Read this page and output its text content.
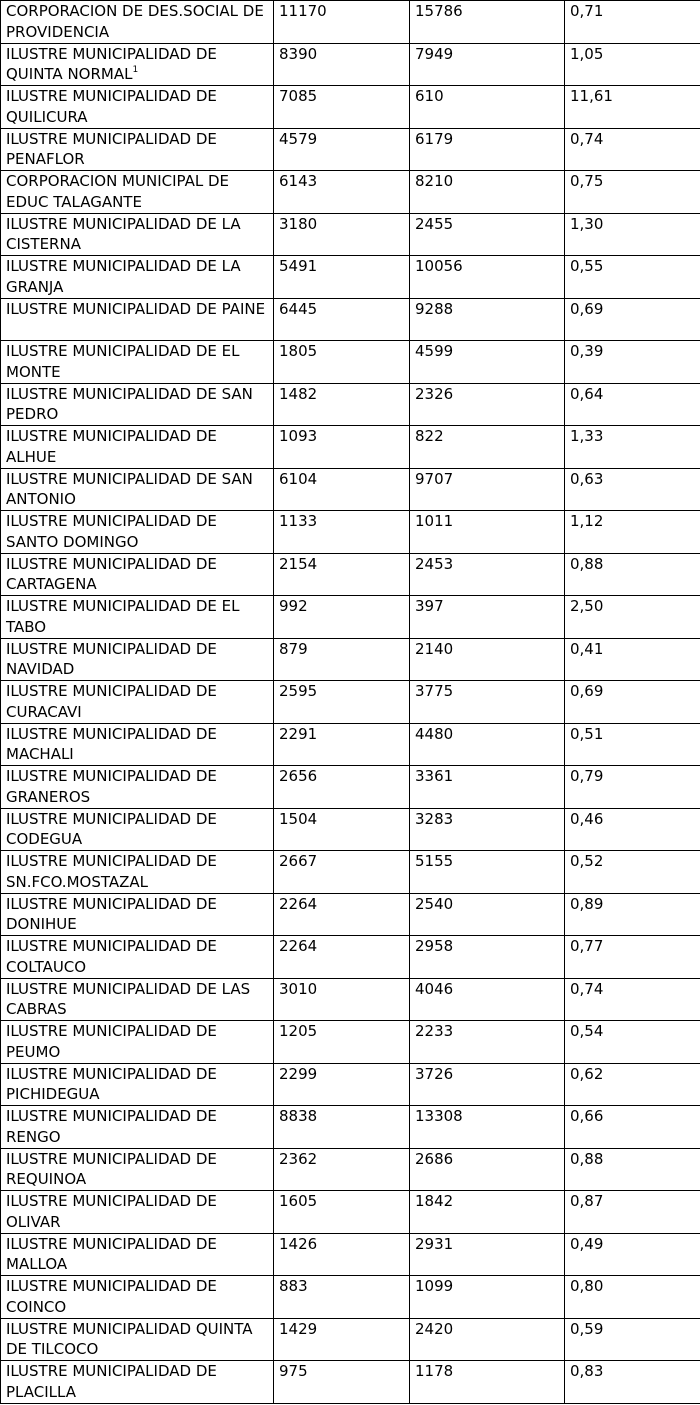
CORPORACION DE DES.SOCIAL DE PROVIDENCIA	11170	15786	0,71
ILUSTRE MUNICIPALIDAD DE QUINTA NORMAL$^1$	8390	7949	1,05
ILUSTRE MUNICIPALIDAD DE QUILICURA	7085	610	11,61
ILUSTRE MUNICIPALIDAD DE PENAFLOR	4579	6179	0,74
CORPORACION MUNICIPAL DE EDUC TALAGANTE	6143	8210	0,75
ILUSTRE MUNICIPALIDAD DE LA CISTERNA	3180	2455	1,30
ILUSTRE MUNICIPALIDAD DE LA GRANJA	5491	10056	0,55
ILUSTRE MUNICIPALIDAD DE PAINE	6445	9288	0,69
ILUSTRE MUNICIPALIDAD DE EL MONTE	1805	4599	0,39
ILUSTRE MUNICIPALIDAD DE SAN PEDRO	1482	2326	0,64
ILUSTRE MUNICIPALIDAD DE ALHUE	1093	822	1,33
ILUSTRE MUNICIPALIDAD DE SAN ANTONIO	6104	9707	0,63
ILUSTRE MUNICIPALIDAD DE SANTO DOMINGO	1133	1011	1,12
ILUSTRE MUNICIPALIDAD DE CARTAGENA	2154	2453	0,88
ILUSTRE MUNICIPALIDAD DE EL TABO	992	397	2,50
ILUSTRE MUNICIPALIDAD DE NAVIDAD	879	2140	0,41
ILUSTRE MUNICIPALIDAD DE CURACAVI	2595	3775	0,69
ILUSTRE MUNICIPALIDAD DE MACHALI	2291	4480	0,51
ILUSTRE MUNICIPALIDAD DE GRANEROS	2656	3361	0,79
ILUSTRE MUNICIPALIDAD DE CODEGUA	1504	3283	0,46
ILUSTRE MUNICIPALIDAD DE SN.FCO.MOSTAZAL	2667	5155	0,52
ILUSTRE MUNICIPALIDAD DE DONIHUE	2264	2540	0,89
ILUSTRE MUNICIPALIDAD DE COLTAUCO	2264	2958	0,77
ILUSTRE MUNICIPALIDAD DE LAS CABRAS	3010	4046	0,74
ILUSTRE MUNICIPALIDAD DE PEUMO	1205	2233	0,54
ILUSTRE MUNICIPALIDAD DE PICHIDEGUA	2299	3726	0,62
ILUSTRE MUNICIPALIDAD DE RENGO	8838	13308	0,66
ILUSTRE MUNICIPALIDAD DE REQUINOA	2362	2686	0,88
ILUSTRE MUNICIPALIDAD DE OLIVAR	1605	1842	0,87
ILUSTRE MUNICIPALIDAD DE MALLOA	1426	2931	0,49
ILUSTRE MUNICIPALIDAD DE COINCO	883	1099	0,80
ILUSTRE MUNICIPALIDAD QUINTA DE TILCOCO	1429	2420	0,59
ILUSTRE MUNICIPALIDAD DE PLACILLA	975	1178	0,83
